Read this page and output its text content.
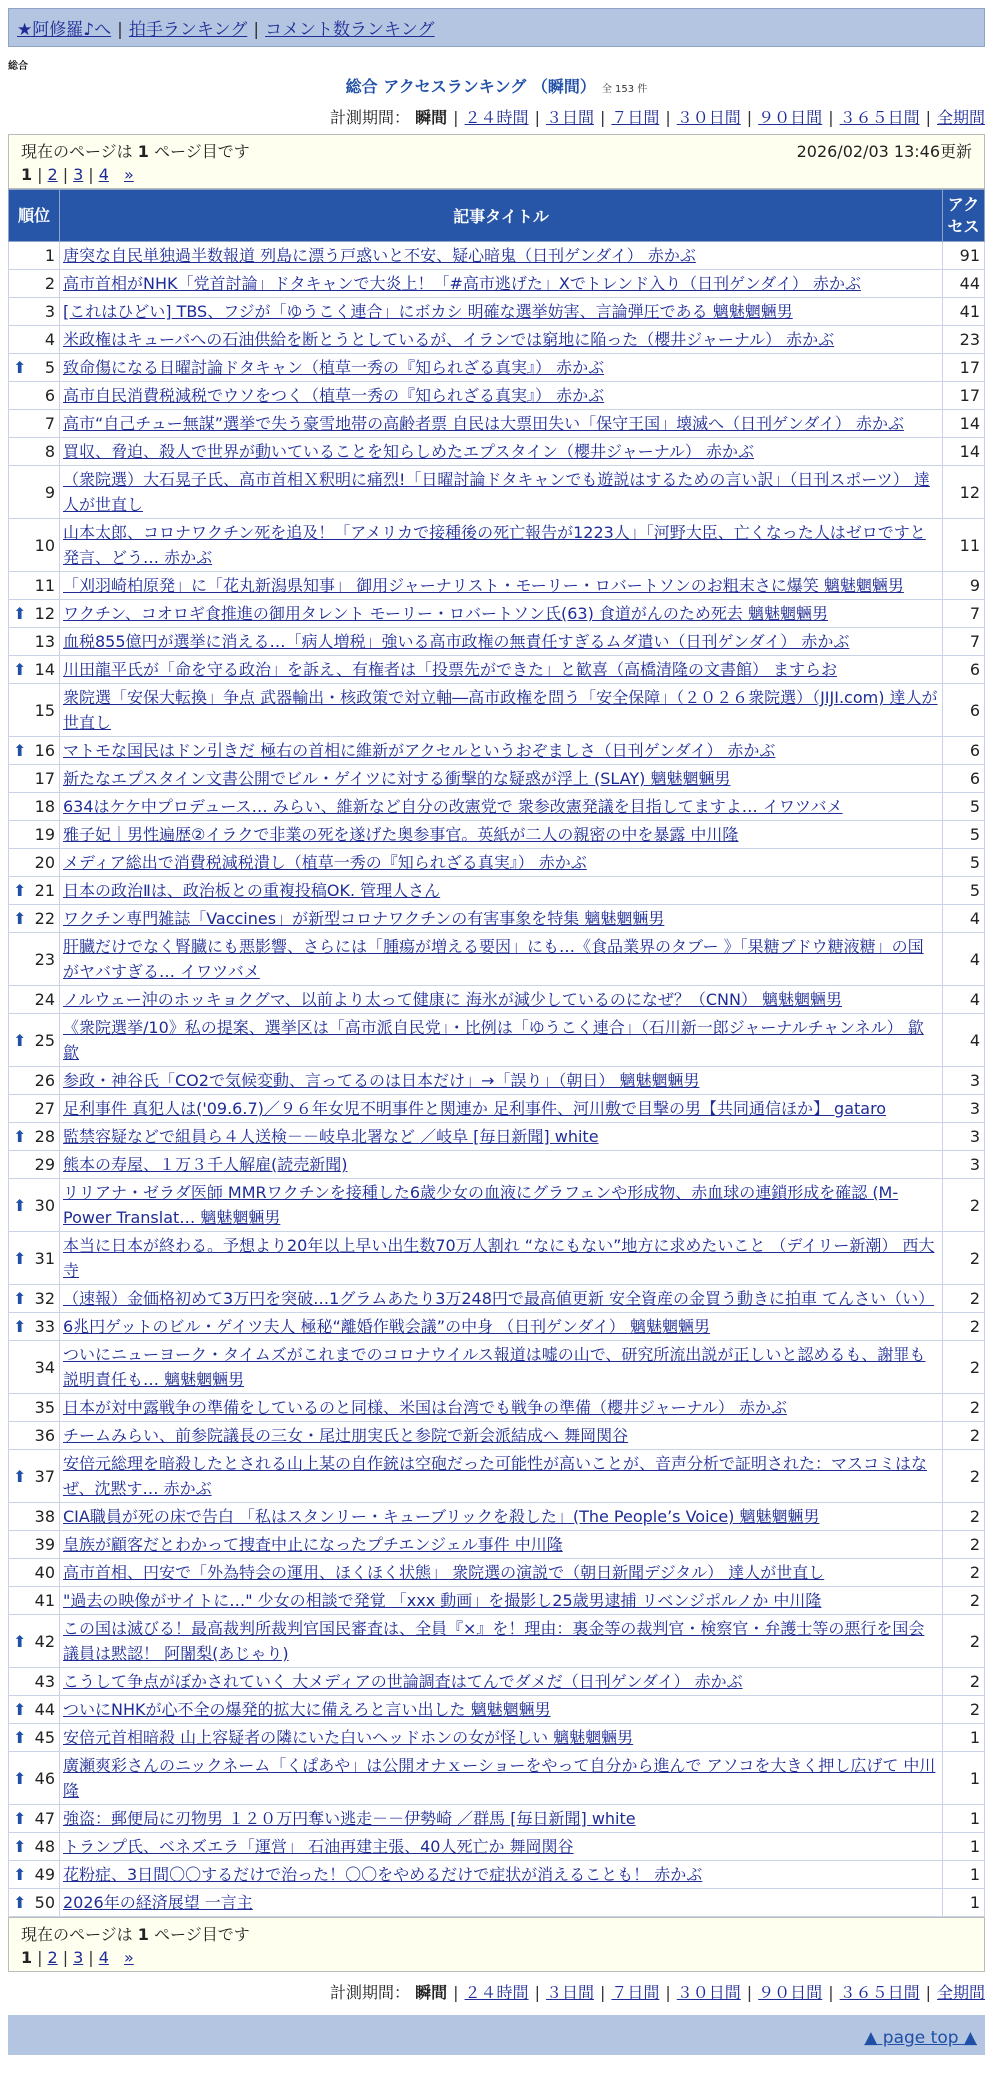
★阿修羅♪へ | 拍手ランキング | コメント数ランキング
総合
総合 アクセスランキング （瞬間） 全 153 件
計測期間： 瞬間 | ２４時間 | ３日間 | ７日間 | ３０日間 | ９０日間 | ３６５日間 | 全期間
現在のページは 1 ページ目です	2026/02/03 13:46更新
1 | 2 | 3 | 4 »
順位	記事タイトル	アクセス
1	唐突な自民単独過半数報道 列島に漂う戸惑いと不安、疑心暗鬼（日刊ゲンダイ） 赤かぶ	91
2	高市首相がNHK「党首討論」ドタキャンで大炎上！「#高市逃げた」Xでトレンド入り（日刊ゲンダイ） 赤かぶ	44
3	[これはひどい] TBS、フジが「ゆうこく連合」にボカシ 明確な選挙妨害、言論弾圧である 魑魅魍魎男	41
4	米政権はキューバへの石油供給を断とうとしているが、イランでは窮地に陥った（櫻井ジャーナル） 赤かぶ	23

⬆ 5	致命傷になる日曜討論ドタキャン（植草一秀の『知られざる真実』） 赤かぶ	17
6	高市自民消費税減税でウソをつく（植草一秀の『知られざる真実』） 赤かぶ	17
7	高市“自己チュー無謀”選挙で失う豪雪地帯の高齢者票 自民は大票田失い「保守王国」壊滅へ（日刊ゲンダイ） 赤かぶ	14
8	買収、脅迫、殺人で世界が動いていることを知らしめたエプスタイン（櫻井ジャーナル） 赤かぶ	14
9	（衆院選）大石晃子氏、高市首相Ｘ釈明に痛烈!「日曜討論ドタキャンでも遊説はするための言い訳」（日刊スポーツ） 達人が世直し	12
10	山本太郎、コロナワクチン死を追及！「アメリカで接種後の死亡報告が1223人」「河野大臣、亡くなった人はゼロですと発言、どう… 赤かぶ	11
11	「刈羽崎柏原発」に「花丸新潟県知事」 御用ジャーナリスト・モーリー・ロバートソンのお粗末さに爆笑 魑魅魍魎男	9

⬆ 12	ワクチン、コオロギ食推進の御用タレント モーリー・ロバートソン氏(63) 食道がんのため死去 魑魅魍魎男	7
13	血税855億円が選挙に消える…「病人増税」強いる高市政権の無責任すぎるムダ遣い（日刊ゲンダイ） 赤かぶ	7

⬆ 14	川田龍平氏が「命を守る政治」を訴え、有権者は「投票先ができた」と歓喜（高橋清隆の文書館） ますらお	6
15	衆院選「安保大転換」争点 武器輸出・核政策で対立軸―高市政権を問う「安全保障」（２０２６衆院選）（JIJI.com) 達人が世直し	6

⬆ 16	マトモな国民はドン引きだ 極右の首相に維新がアクセルというおぞましさ（日刊ゲンダイ） 赤かぶ	6
17	新たなエプスタイン文書公開でビル・ゲイツに対する衝撃的な疑惑が浮上 (SLAY) 魑魅魍魎男	6
18	634はケケ中プロデュース… みらい、維新など自分の改憲党で 衆参改憲発議を目指してますよ… イワツバメ	5
19	雅子妃｜男性遍歴②イラクで非業の死を遂げた奥参事官。英紙が二人の親密の中を暴露 中川隆	5
20	メディア総出で消費税減税潰し（植草一秀の『知られざる真実』） 赤かぶ	5

⬆ 21	日本の政治Ⅱは、政治板との重複投稿OK. 管理人さん	5

⬆ 22	ワクチン専門雑誌「Vaccines」が新型コロナワクチンの有害事象を特集 魑魅魍魎男	4
23	肝臓だけでなく腎臓にも悪影響、さらには「腫瘍が増える要因」にも…《食品業界のタブー 》「果糖ブドウ糖液糖」の国がヤバすぎる… イワツバメ	4
24	ノルウェー沖のホッキョクグマ、以前より太って健康に 海氷が減少しているのになぜ？（CNN） 魑魅魍魎男	4

⬆ 25	《衆院選挙/10》私の提案、選挙区は「高市派自民党」・比例は「ゆうこく連合」（石川新一郎ジャーナルチャンネル） 歙歙	4
26	参政・神谷氏「CO2で気候変動、言ってるのは日本だけ」→「誤り」（朝日） 魑魅魍魎男	3
27	足利事件 真犯人は('09.6.7)／９６年女児不明事件と関連か 足利事件、河川敷で目撃の男【共同通信ほか】 gataro	3

⬆ 28	監禁容疑などで組員ら４人送検－－岐阜北署など ／岐阜 [毎日新聞] white	3
29	熊本の寿屋、１万３千人解雇(読売新聞)	3

⬆ 30	リリアナ・ゼラダ医師 MMRワクチンを接種した6歳少女の血液にグラフェンや形成物、赤血球の連鎖形成を確認 (M-Power Translat… 魑魅魍魎男	2

⬆ 31	本当に日本が終わる。予想より20年以上早い出生数70万人割れ “なにもない”地方に求めたいこと （デイリー新潮） 西大寺	2

⬆ 32	（速報）金価格初めて3万円を突破…1グラムあたり3万248円で最高値更新 安全資産の金買う動きに拍車 てんさい（い）	2

⬆ 33	6兆円ゲットのビル・ゲイツ夫人 極秘“離婚作戦会議”の中身 （日刊ゲンダイ） 魑魅魍魎男	2
34	ついにニューヨーク・タイムズがこれまでのコロナウイルス報道は嘘の山で、研究所流出説が正しいと認めるも、謝罪も説明責任も… 魑魅魍魎男	2
35	日本が対中露戦争の準備をしているのと同様、米国は台湾でも戦争の準備（櫻井ジャーナル） 赤かぶ	2
36	チームみらい、前参院議長の三女・尾辻朋実氏と参院で新会派結成へ 舞岡関谷	2

⬆ 37	安倍元総理を暗殺したとされる山上某の自作銃は空砲だった可能性が高いことが、音声分析で証明された：マスコミはなぜ、沈黙す… 赤かぶ	2
38	CIA職員が死の床で告白 「私はスタンリー・キューブリックを殺した」(The People’s Voice) 魑魅魍魎男	2
39	皇族が顧客だとわかって捜査中止になったプチエンジェル事件 中川隆	2
40	高市首相、円安で「外為特会の運用、ほくほく状態」 衆院選の演説で（朝日新聞デジタル） 達人が世直し	2
41	"過去の映像がサイトに…" 少女の相談で発覚 「xxx 動画」を撮影し25歳男逮捕 リベンジポルノか 中川隆	2

⬆ 42	この国は滅びる！最高裁判所裁判官国民審査は、全員『×』を！理由：裏金等の裁判官・検察官・弁護士等の悪行を国会議員は黙認！ 阿闍梨(あじゃり)	2
43	こうして争点がぼかされていく 大メディアの世論調査はてんでダメだ（日刊ゲンダイ） 赤かぶ	2

⬆ 44	ついにNHKが心不全の爆発的拡大に備えろと言い出した 魑魅魍魎男	2

⬆ 45	安倍元首相暗殺 山上容疑者の隣にいた白いヘッドホンの女が怪しい 魑魅魍魎男	1

⬆ 46	廣瀬爽彩さんのニックネーム「くぱあや」は公開オナｘーショーをやって自分から進んで アソコを大きく押し広げて 中川隆	1

⬆ 47	強盗：郵便局に刃物男 １２０万円奪い逃走－－伊勢崎 ／群馬 [毎日新聞] white	1

⬆ 48	トランプ氏、ベネズエラ「運営」 石油再建主張、40人死亡か 舞岡関谷	1

⬆ 49	花粉症、3日間〇〇するだけで治った！〇〇をやめるだけで症状が消えることも！ 赤かぶ	1

⬆ 50	2026年の経済展望 一言主	1
現在のページは 1 ページ目です
1 | 2 | 3 | 4 »
計測期間： 瞬間 | ２４時間 | ３日間 | ７日間 | ３０日間 | ９０日間 | ３６５日間 | 全期間
▲ page top ▲
